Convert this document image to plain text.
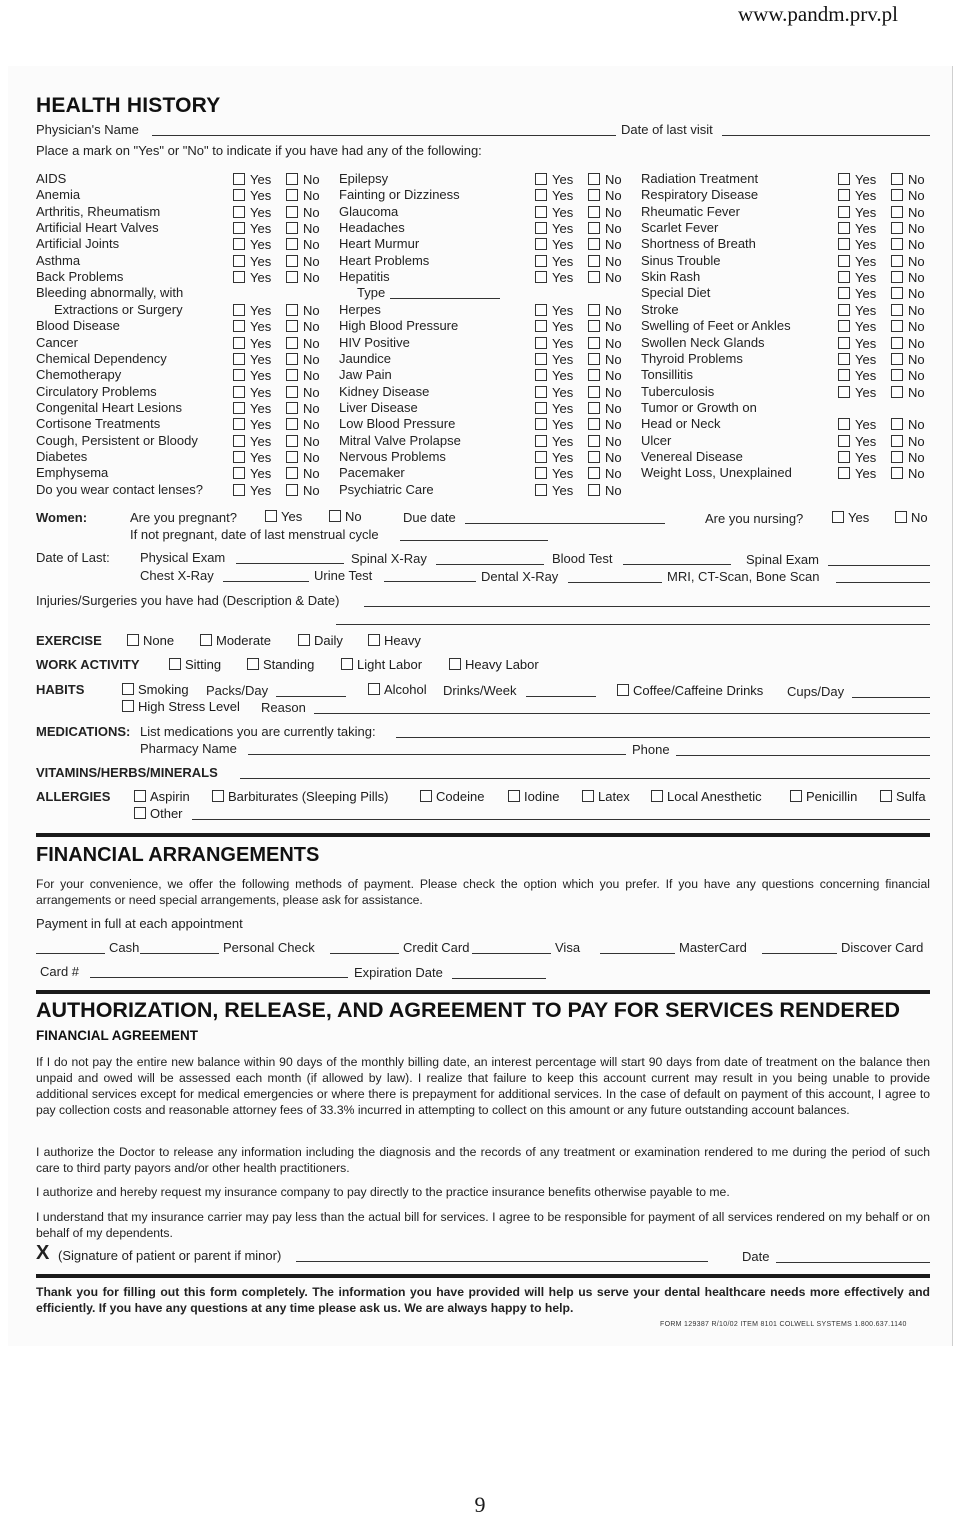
www.pandm.prv.pl
HEALTH HISTORY
Physician's Name	Date of last visit
Place a mark on "Yes" or "No" to indicate if you have had any of the following:
AIDS	Yes No
Anemia	Yes No
Arthritis, Rheumatism	Yes No
Artificial Heart Valves	Yes No
Artificial Joints	Yes No
Asthma	Yes No
Back Problems	Yes No
Bleeding abnormally, with
Extractions or Surgery	Yes No
Blood Disease	Yes No
Cancer	Yes No
Chemical Dependency	Yes No
Chemotherapy	Yes No
Circulatory Problems	Yes No
Congenital Heart Lesions	Yes No
Cortisone Treatments	Yes No
Cough, Persistent or Bloody	Yes No
Diabetes	Yes No
Emphysema	Yes No
Do you wear contact lenses?	Yes No
Epilepsy	Yes No
Fainting or Dizziness	Yes No
Glaucoma	Yes No
Headaches	Yes No
Heart Murmur	Yes No
Heart Problems	Yes No
Hepatitis	Yes No
Type
Herpes	Yes No
High Blood Pressure	Yes No
HIV Positive	Yes No
Jaundice	Yes No
Jaw Pain	Yes No
Kidney Disease	Yes No
Liver Disease	Yes No
Low Blood Pressure	Yes No
Mitral Valve Prolapse	Yes No
Nervous Problems	Yes No
Pacemaker	Yes No
Psychiatric Care	Yes No
Radiation Treatment	Yes No
Respiratory Disease	Yes No
Rheumatic Fever	Yes No
Scarlet Fever	Yes No
Shortness of Breath	Yes No
Sinus Trouble	Yes No
Skin Rash	Yes No
Special Diet	Yes No
Stroke	Yes No
Swelling of Feet or Ankles	Yes No
Swollen Neck Glands	Yes No
Thyroid Problems	Yes No
Tonsillitis	Yes No
Tuberculosis	Yes No
Tumor or Growth on
Head or Neck	Yes No
Ulcer	Yes No
Venereal Disease	Yes No
Weight Loss, Unexplained	Yes No
Women:	Are you pregnant?	Yes	No	Due date	Are you nursing?	Yes	No
If not pregnant, date of last menstrual cycle
Date of Last: Physical Exam	Spinal X-Ray	Blood Test	Spinal Exam
Chest X-Ray	Urine Test	Dental X-Ray	MRI, CT-Scan, Bone Scan
Injuries/Surgeries you have had (Description & Date)
EXERCISE	None	Moderate	Daily	Heavy
WORK ACTIVITY	Sitting	Standing	Light Labor	Heavy Labor
HABITS	Smoking Packs/Day	Alcohol Drinks/Week	Coffee/Caffeine Drinks Cups/Day
High Stress Level Reason
MEDICATIONS: List medications you are currently taking:
Pharmacy Name	Phone
VITAMINS/HERBS/MINERALS
ALLERGIES	Aspirin	Barbiturates (Sleeping Pills)	Codeine	Iodine	Latex	Local Anesthetic	Penicillin	Sulfa
Other
FINANCIAL ARRANGEMENTS
For your convenience, we offer the following methods of payment. Please check the option which you prefer. If you have any questions concerning financial arrangements or need special arrangements, please ask for assistance.
Payment in full at each appointment
Cash	Personal Check	Credit Card	Visa	MasterCard	Discover Card
Card #	Expiration Date
AUTHORIZATION, RELEASE, AND AGREEMENT TO PAY FOR SERVICES RENDERED
FINANCIAL AGREEMENT
If I do not pay the entire new balance within 90 days of the monthly billing date, an interest percentage will start 90 days from date of treatment on the balance then unpaid and owed will be assessed each month (if allowed by law). I realize that failure to keep this account current may result in you being unable to provide additional services except for medical emergencies or where there is prepayment for additional services. In the case of default on payment of this account, I agree to pay collection costs and reasonable attorney fees of 33.3% incurred in attempting to collect on this amount or any future outstanding account balances.
I authorize the Doctor to release any information including the diagnosis and the records of any treatment or examination rendered to me during the period of such care to third party payors and/or other health practitioners.
I authorize and hereby request my insurance company to pay directly to the practice insurance benefits otherwise payable to me.
I understand that my insurance carrier may pay less than the actual bill for services. I agree to be responsible for payment of all services rendered on my behalf or on behalf of my dependents.
X (Signature of patient or parent if minor)	Date
Thank you for filling out this form completely. The information you have provided will help us serve your dental healthcare needs more effectively and efficiently. If you have any questions at any time please ask us. We are always happy to help.
FORM 129387 R/10/02 ITEM 8101 COLWELL SYSTEMS 1.800.637.1140
9
